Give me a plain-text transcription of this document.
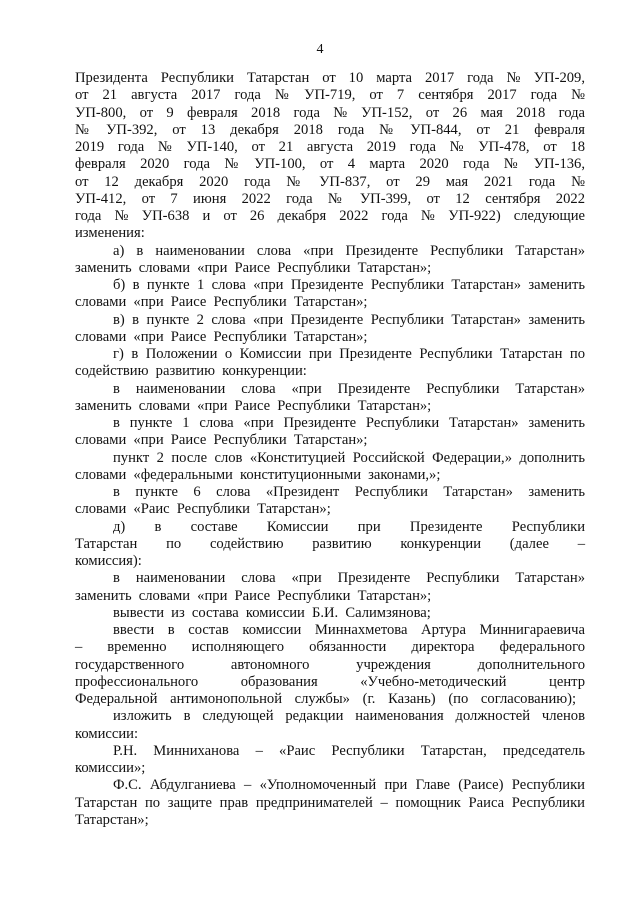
4

Президента Республики Татарстан от 10 марта 2017 года № УП-209, от 21 августа 2017 года № УП-719, от 7 сентября 2017 года № УП-800, от 9 февраля 2018 года № УП-152, от 26 мая 2018 года № УП-392, от 13 декабря 2018 года № УП-844, от 21 февраля 2019 года № УП-140, от 21 августа 2019 года № УП-478, от 18 февраля 2020 года № УП-100, от 4 марта 2020 года № УП-136, от 12 декабря 2020 года № УП-837, от 29 мая 2021 года № УП-412, от 7 июня 2022 года № УП-399, от 12 сентября 2022 года № УП-638 и от 26 декабря 2022 года № УП-922) следующие изменения:

а) в наименовании слова «при Президенте Республики Татарстан» заменить словами «при Раисе Республики Татарстан»;

б) в пункте 1 слова «при Президенте Республики Татарстан» заменить словами «при Раисе Республики Татарстан»;

в) в пункте 2 слова «при Президенте Республики Татарстан» заменить словами «при Раисе Республики Татарстан»;

г) в Положении о Комиссии при Президенте Республики Татарстан по содействию развитию конкуренции:

в наименовании слова «при Президенте Республики Татарстан» заменить словами «при Раисе Республики Татарстан»;

в пункте 1 слова «при Президенте Республики Татарстан» заменить словами «при Раисе Республики Татарстан»;

пункт 2 после слов «Конституцией Российской Федерации,» дополнить словами «федеральными конституционными законами,»;

в пункте 6 слова «Президент Республики Татарстан» заменить словами «Раис Республики Татарстан»;

д) в составе Комиссии при Президенте Республики Татарстан по содействию развитию конкуренции (далее – комиссия):

в наименовании слова «при Президенте Республики Татарстан» заменить словами «при Раисе Республики Татарстан»;

вывести из состава комиссии Б.И. Салимзянова;

ввести в состав комиссии Миннахметова Артура Миннигараевича – временно исполняющего обязанности директора федерального государственного автономного учреждения дополнительного профессионального образования «Учебно-методический центр Федеральной антимонопольной службы» (г. Казань) (по согласованию);

изложить в следующей редакции наименования должностей членов комиссии:

Р.Н. Минниханова – «Раис Республики Татарстан, председатель комиссии»;

Ф.С. Абдулганиева – «Уполномоченный при Главе (Раисе) Республики Татарстан по защите прав предпринимателей – помощник Раиса Республики Татарстан»;
